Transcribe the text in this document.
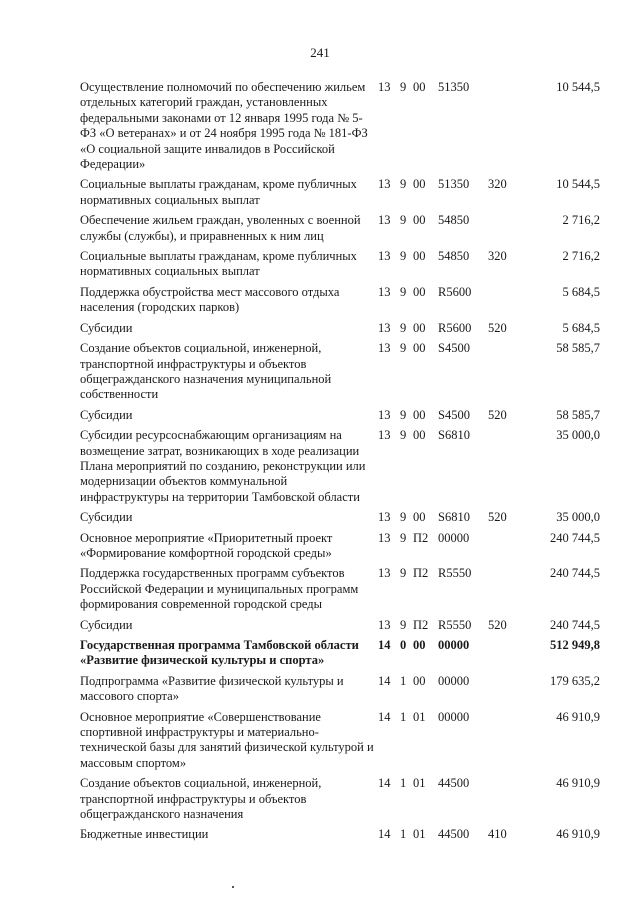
241
Осуществление полномочий по обеспечению жильем отдельных категорий граждан, установленных федеральными законами от 12 января 1995 года № 5-ФЗ «О ветеранах» и от 24 ноября 1995 года № 181-ФЗ «О социальной защите инвалидов в Российской Федерации»	13	9	00	51350		10 544,5
Социальные выплаты гражданам, кроме публичных нормативных социальных выплат	13	9	00	51350	320	10 544,5
Обеспечение жильем граждан, уволенных с военной службы (службы), и приравненных к ним лиц	13	9	00	54850		2 716,2
Социальные выплаты гражданам, кроме публичных нормативных социальных выплат	13	9	00	54850	320	2 716,2
Поддержка обустройства мест массового отдыха населения (городских парков)	13	9	00	R5600		5 684,5
Субсидии	13	9	00	R5600	520	5 684,5
Создание объектов социальной, инженерной, транспортной инфраструктуры и объектов общегражданского назначения муниципальной собственности	13	9	00	S4500		58 585,7
Субсидии	13	9	00	S4500	520	58 585,7
Субсидии ресурсоснабжающим организациям на возмещение затрат, возникающих в ходе реализации Плана мероприятий по созданию, реконструкции или модернизации объектов коммунальной инфраструктуры на территории Тамбовской области	13	9	00	S6810		35 000,0
Субсидии	13	9	00	S6810	520	35 000,0
Основное мероприятие «Приоритетный проект «Формирование комфортной городской среды»	13	9	П2	00000		240 744,5
Поддержка государственных программ субъектов Российской Федерации и муниципальных программ формирования современной городской среды	13	9	П2	R5550		240 744,5
Субсидии	13	9	П2	R5550	520	240 744,5
Государственная программа Тамбовской области «Развитие физической культуры и спорта»	14	0	00	00000		512 949,8
Подпрограмма «Развитие физической культуры и массового спорта»	14	1	00	00000		179 635,2
Основное мероприятие «Совершенствование спортивной инфраструктуры и материально-технической базы для занятий физической культурой и массовым спортом»	14	1	01	00000		46 910,9
Создание объектов социальной, инженерной, транспортной инфраструктуры и объектов общегражданского назначения	14	1	01	44500		46 910,9
Бюджетные инвестиции	14	1	01	44500	410	46 910,9
